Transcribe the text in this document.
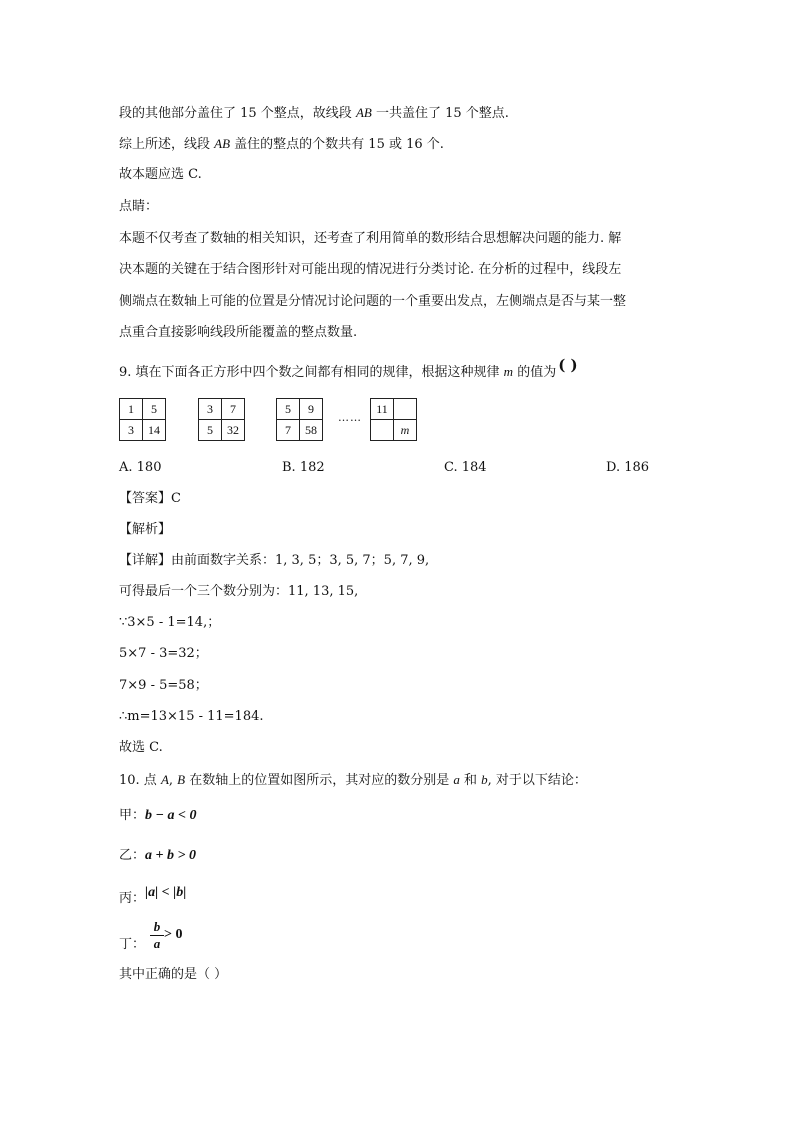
段的其他部分盖住了 15 个整点，故线段 AB 一共盖住了 15 个整点.
综上所述，线段 AB 盖住的整点的个数共有 15 或 16 个.
故本题应选 C.
点睛：
本题不仅考查了数轴的相关知识，还考查了利用简单的数形结合思想解决问题的能力. 解
决本题的关键在于结合图形针对可能出现的情况进行分类讨论. 在分析的过程中，线段左
侧端点在数轴上可能的位置是分情况讨论问题的一个重要出发点，左侧端点是否与某一整
点重合直接影响线段所能覆盖的整点数量.
9. 填在下面各正方形中四个数之间都有相同的规律，根据这种规律 m 的值为 ( )
1	5
3	14
3	7
5	32
5	9
7	58
……
11	
	m
A. 180	B. 182	C. 184	D. 186
【答案】C
【解析】
【详解】由前面数字关系：1, 3, 5；3, 5, 7；5, 7, 9,
可得最后一个三个数分别为：11, 13, 15,
∵3×5 - 1=14,；
5×7 - 3=32；
7×9 - 5=58；
∴m=13×15 - 11=184.
故选 C.
10. 点 A, B 在数轴上的位置如图所示，其对应的数分别是 a 和 b, 对于以下结论：
甲：b − a < 0
乙：a + b > 0
丙：|a| < |b|
丁：
b
a
> 0
其中正确的是（ ）
